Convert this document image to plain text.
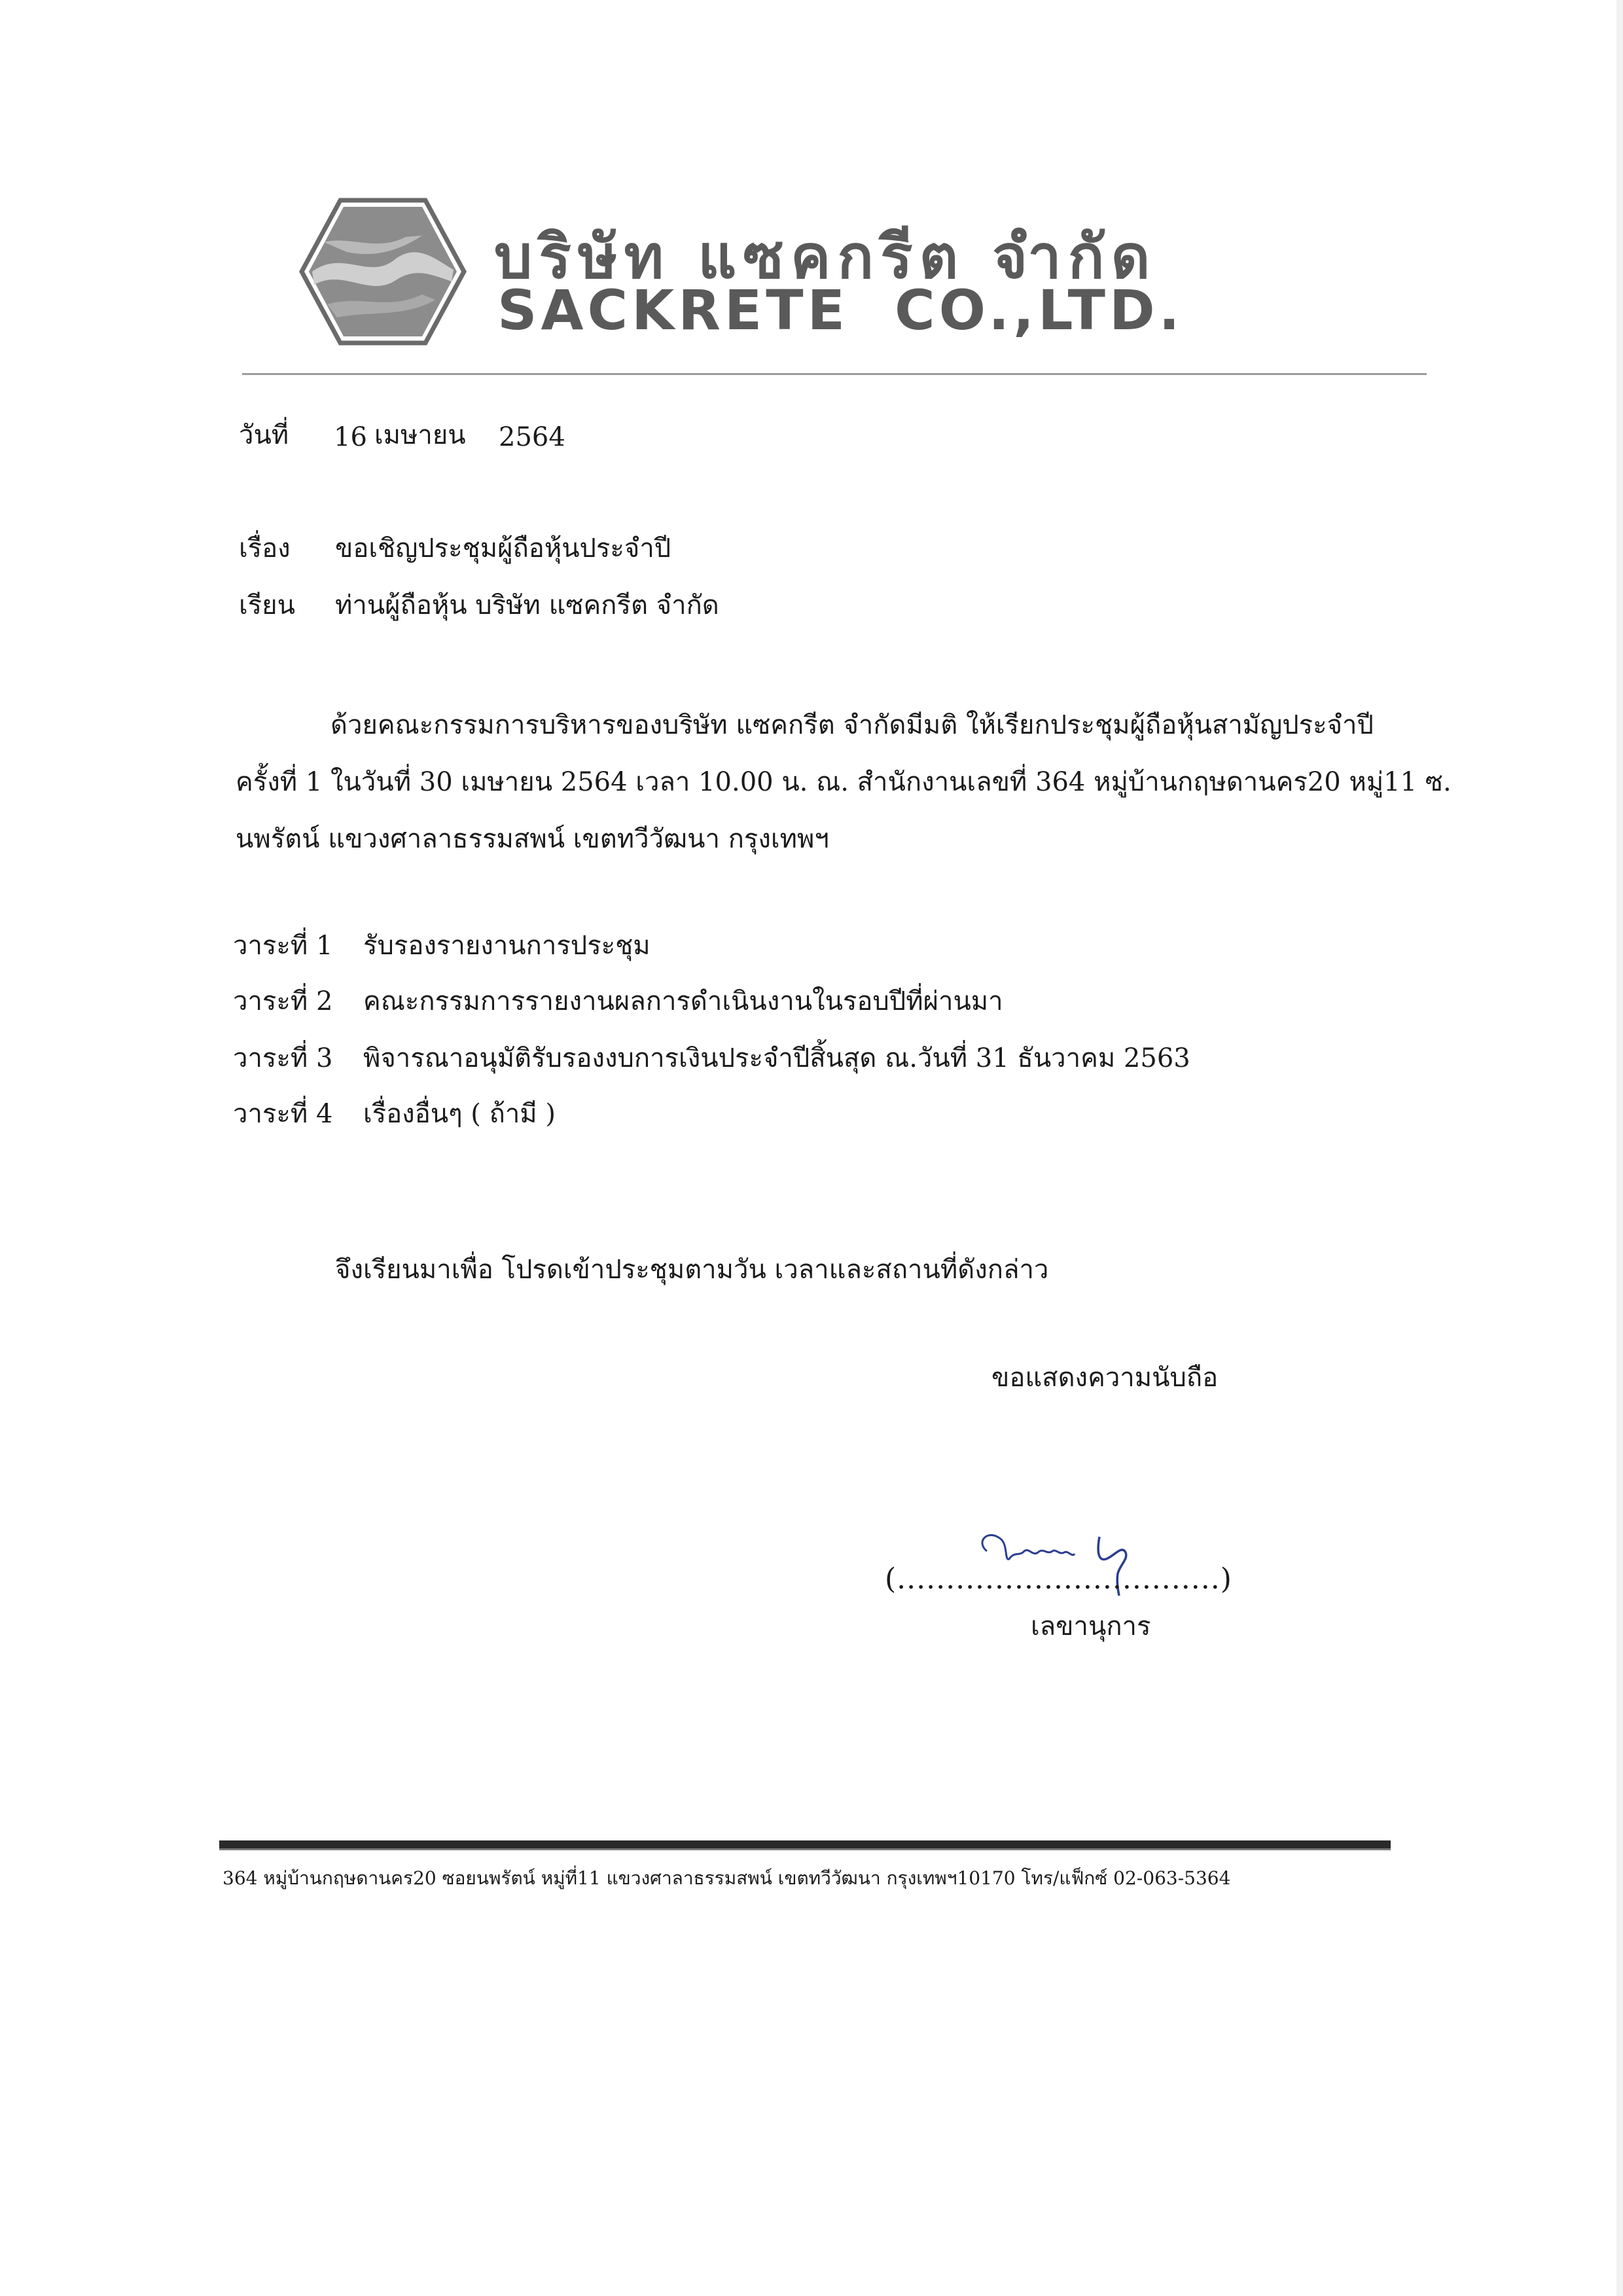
บริษัท แซคกรีต จำกัด
SACKRETE CO.,LTD.
วันที่ 16 เมษายน 2564
เรื่อง ขอเชิญประชุมผู้ถือหุ้นประจำปี
เรียน ท่านผู้ถือหุ้น บริษัท แซคกรีต จำกัด
ด้วยคณะกรรมการบริหารของบริษัท แซคกรีต จำกัดมีมติ ให้เรียกประชุมผู้ถือหุ้นสามัญประจำปี
ครั้งที่ 1 ในวันที่ 30 เมษายน 2564 เวลา 10.00 น. ณ. สำนักงานเลขที่ 364 หมู่บ้านกฤษดานคร20 หมู่11 ซ.
นพรัตน์ แขวงศาลาธรรมสพน์ เขตทวีวัฒนา กรุงเทพฯ
วาระที่ 1 รับรองรายงานการประชุม
วาระที่ 2 คณะกรรมการรายงานผลการดำเนินงานในรอบปีที่ผ่านมา
วาระที่ 3 พิจารณาอนุมัติรับรองงบการเงินประจำปีสิ้นสุด ณ.วันที่ 31 ธันวาคม 2563
วาระที่ 4 เรื่องอื่นๆ ( ถ้ามี )
จึงเรียนมาเพื่อ โปรดเข้าประชุมตามวัน เวลาและสถานที่ดังกล่าว
ขอแสดงความนับถือ
(.................................)
เลขานุการ
364 หมู่บ้านกฤษดานคร20 ซอยนพรัตน์ หมู่ที่11 แขวงศาลาธรรมสพน์ เขตทวีวัฒนา กรุงเทพฯ10170 โทร/แฟ็กซ์ 02-063-5364
